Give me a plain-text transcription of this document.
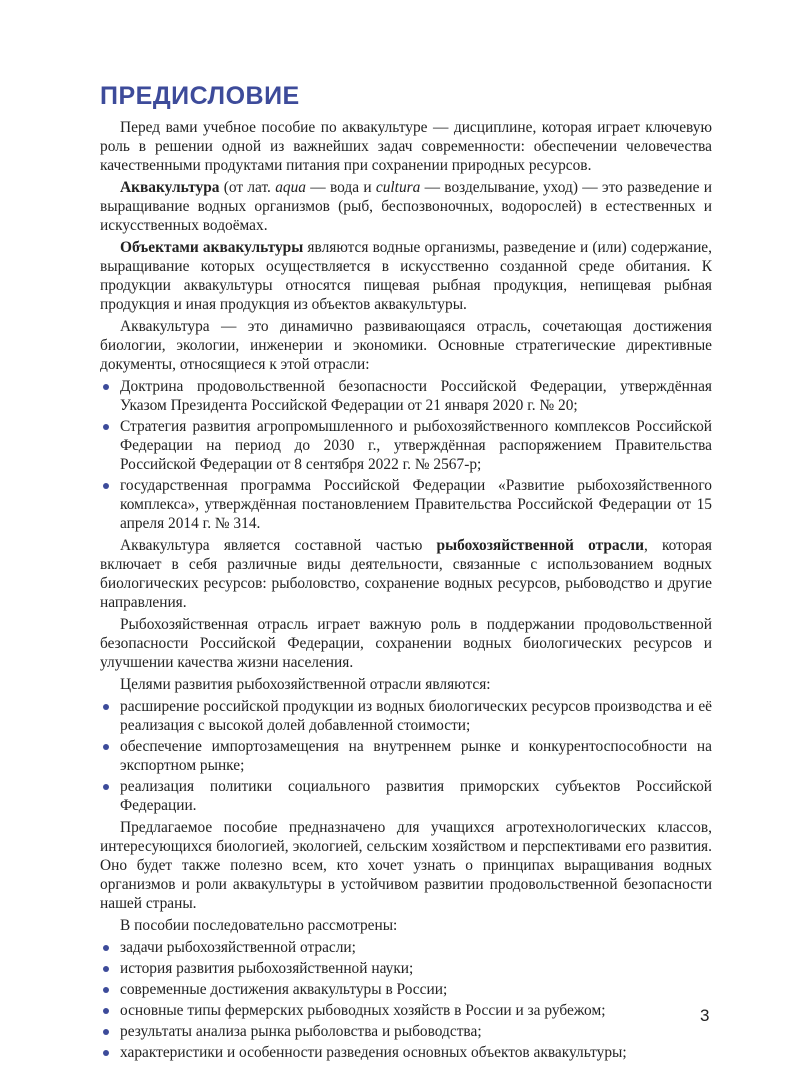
ПРЕДИСЛОВИЕ

Перед вами учебное пособие по аквакультуре — дисциплине, которая играет ключевую роль в решении одной из важнейших задач современности: обеспечении человечества качественными продуктами питания при сохранении природных ресурсов.

Аквакультура (от лат. aqua — вода и cultura — возделывание, уход) — это разведение и выращивание водных организмов (рыб, беспозвоночных, водорослей) в естественных и искусственных водоёмах.

Объектами аквакультуры являются водные организмы, разведение и (или) содержание, выращивание которых осуществляется в искусственно созданной среде обитания. К продукции аквакультуры относятся пищевая рыбная продукция, непищевая рыбная продукция и иная продукция из объектов аквакультуры.

Аквакультура — это динамично развивающаяся отрасль, сочетающая достижения биологии, экологии, инженерии и экономики. Основные стратегические директивные документы, относящиеся к этой отрасли:

Доктрина продовольственной безопасности Российской Федерации, утверждённая Указом Президента Российской Федерации от 21 января 2020 г. № 20;
Стратегия развития агропромышленного и рыбохозяйственного комплексов Российской Федерации на период до 2030 г., утверждённая распоряжением Правительства Российской Федерации от 8 сентября 2022 г. № 2567-р;
государственная программа Российской Федерации «Развитие рыбохозяйственного комплекса», утверждённая постановлением Правительства Российской Федерации от 15 апреля 2014 г. № 314.

Аквакультура является составной частью рыбохозяйственной отрасли, которая включает в себя различные виды деятельности, связанные с использованием водных биологических ресурсов: рыболовство, сохранение водных ресурсов, рыбоводство и другие направления.

Рыбохозяйственная отрасль играет важную роль в поддержании продовольственной безопасности Российской Федерации, сохранении водных биологических ресурсов и улучшении качества жизни населения.

Целями развития рыбохозяйственной отрасли являются:

расширение российской продукции из водных биологических ресурсов производства и её реализация с высокой долей добавленной стоимости;
обеспечение импортозамещения на внутреннем рынке и конкурентоспособности на экспортном рынке;
реализация политики социального развития приморских субъектов Российской Федерации.

Предлагаемое пособие предназначено для учащихся агротехнологических классов, интересующихся биологией, экологией, сельским хозяйством и перспективами его развития. Оно будет также полезно всем, кто хочет узнать о принципах выращивания водных организмов и роли аквакультуры в устойчивом развитии продовольственной безопасности нашей страны.

В пособии последовательно рассмотрены:

задачи рыбохозяйственной отрасли;
история развития рыбохозяйственной науки;
современные достижения аквакультуры в России;
основные типы фермерских рыбоводных хозяйств в России и за рубежом;
результаты анализа рынка рыболовства и рыбоводства;
характеристики и особенности разведения основных объектов аквакультуры;
3
